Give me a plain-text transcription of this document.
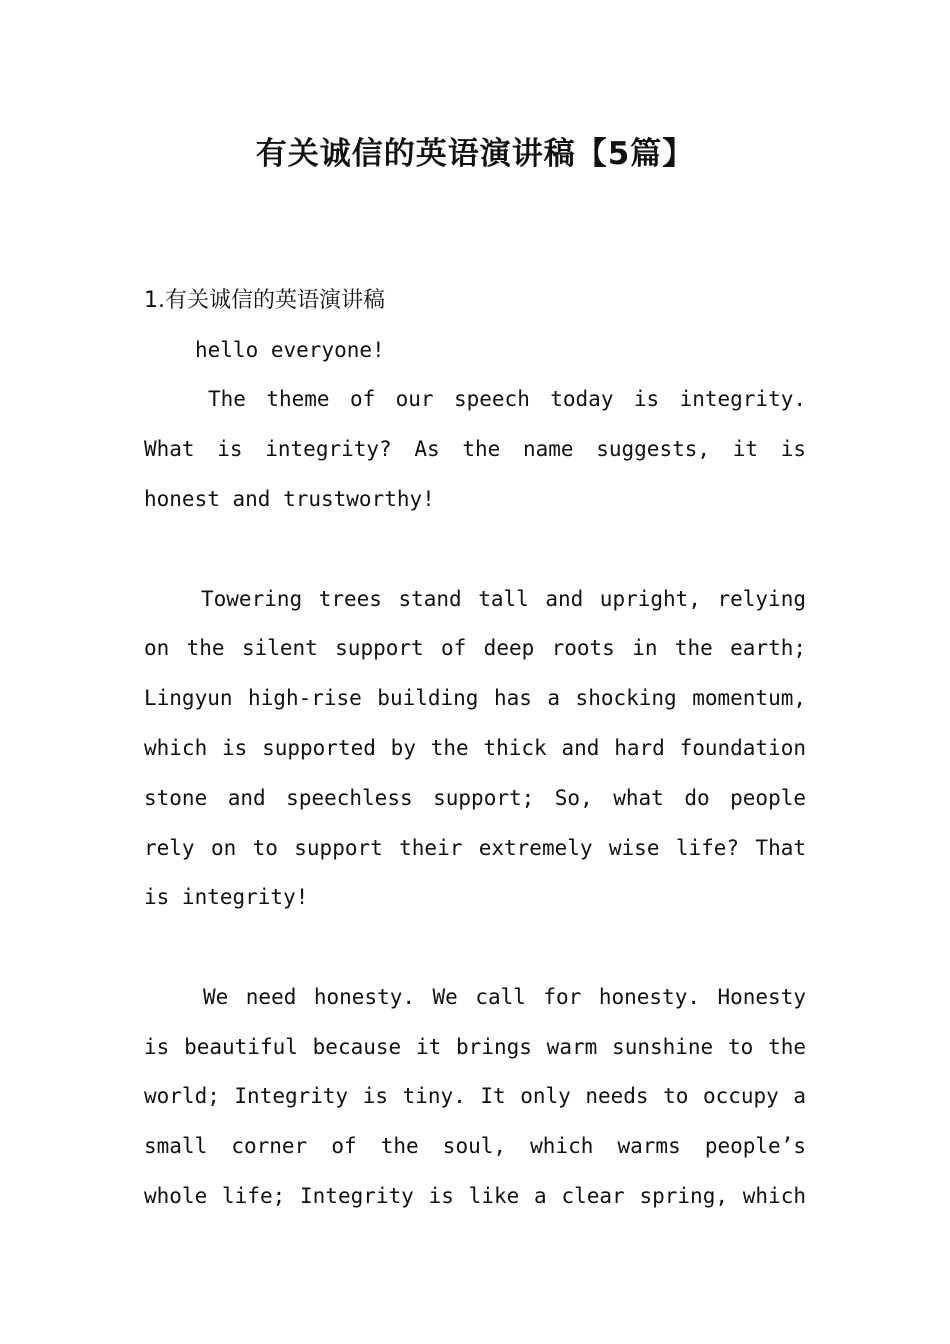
有关诚信的英语演讲稿【5篇】
1.有关诚信的英语演讲稿
hello everyone!
The theme of our speech today is integrity.
What is integrity? As the name suggests, it is
honest and trustworthy!
Towering trees stand tall and upright, relying
on the silent support of deep roots in the earth;
Lingyun high-rise building has a shocking momentum,
which is supported by the thick and hard foundation
stone and speechless support; So, what do people
rely on to support their extremely wise life? That
is integrity!
We need honesty. We call for honesty. Honesty
is beautiful because it brings warm sunshine to the
world; Integrity is tiny. It only needs to occupy a
small corner of the soul, which warms people’s
whole life; Integrity is like a clear spring, which
